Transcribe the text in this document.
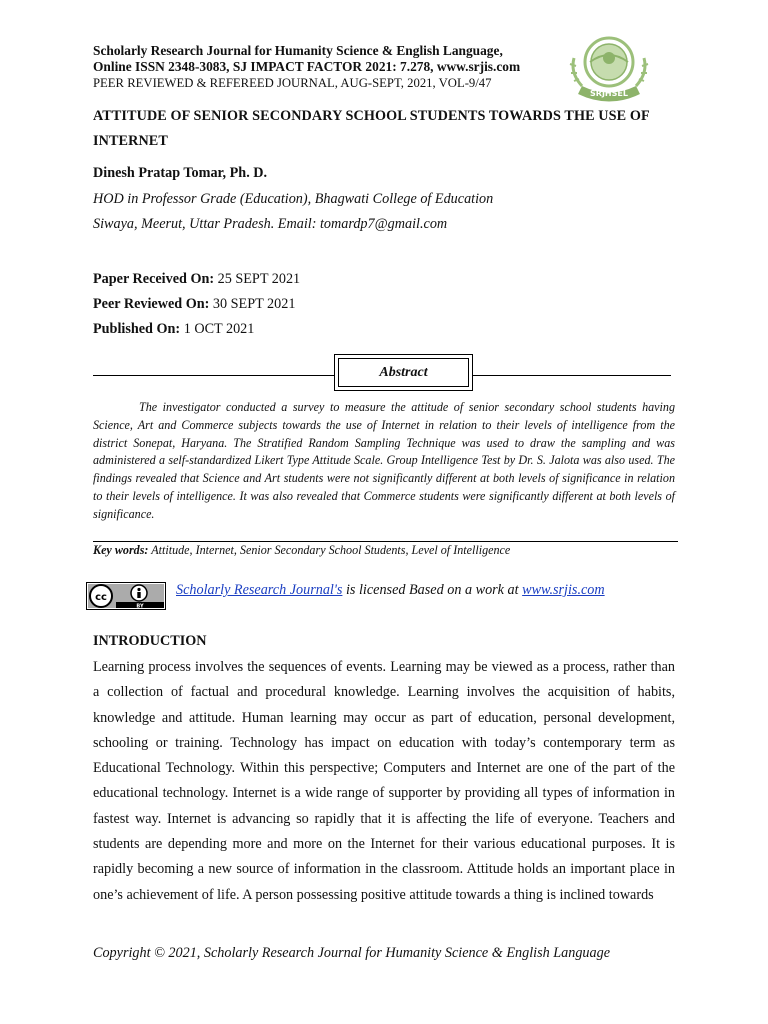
Scholarly Research Journal for Humanity Science & English Language,
Online ISSN 2348-3083, SJ IMPACT FACTOR 2021: 7.278, www.srjis.com
PEER REVIEWED & REFEREED JOURNAL, AUG-SEPT, 2021, VOL-9/47
SRJHSEL
ATTITUDE OF SENIOR SECONDARY SCHOOL STUDENTS TOWARDS THE USE OF INTERNET
Dinesh Pratap Tomar, Ph. D.
HOD in Professor Grade (Education), Bhagwati College of Education
Siwaya, Meerut, Uttar Pradesh. Email: tomardp7@gmail.com
Paper Received On: 25 SEPT 2021
Peer Reviewed On: 30 SEPT 2021
Published On: 1 OCT 2021
Abstract

The investigator conducted a survey to measure the attitude of senior secondary school students having Science, Art and Commerce subjects towards the use of Internet in relation to their levels of intelligence from the district Sonepat, Haryana. The Stratified Random Sampling Technique was used to draw the sampling and was administered a self-standardized Likert Type Attitude Scale. Group Intelligence Test by Dr. S. Jalota was also used. The findings revealed that Science and Art students were not significantly different at both levels of significance in relation to their levels of intelligence. It was also revealed that Commerce students were significantly different at both levels of significance.

Key words: Attitude, Internet, Senior Secondary School Students, Level of Intelligence
cc
BY
Scholarly Research Journal's is licensed Based on a work at www.srjis.com
INTRODUCTION

Learning process involves the sequences of events. Learning may be viewed as a process, rather than a collection of factual and procedural knowledge. Learning involves the acquisition of habits, knowledge and attitude. Human learning may occur as part of education, personal development, schooling or training. Technology has impact on education with today’s contemporary term as Educational Technology. Within this perspective; Computers and Internet are one of the part of the educational technology. Internet is a wide range of supporter by providing all types of information in fastest way. Internet is advancing so rapidly that it is affecting the life of everyone. Teachers and students are depending more and more on the Internet for their various educational purposes. It is rapidly becoming a new source of information in the classroom. Attitude holds an important place in one’s achievement of life. A person possessing positive attitude towards a thing is inclined towards

Copyright © 2021, Scholarly Research Journal for Humanity Science & English Language
